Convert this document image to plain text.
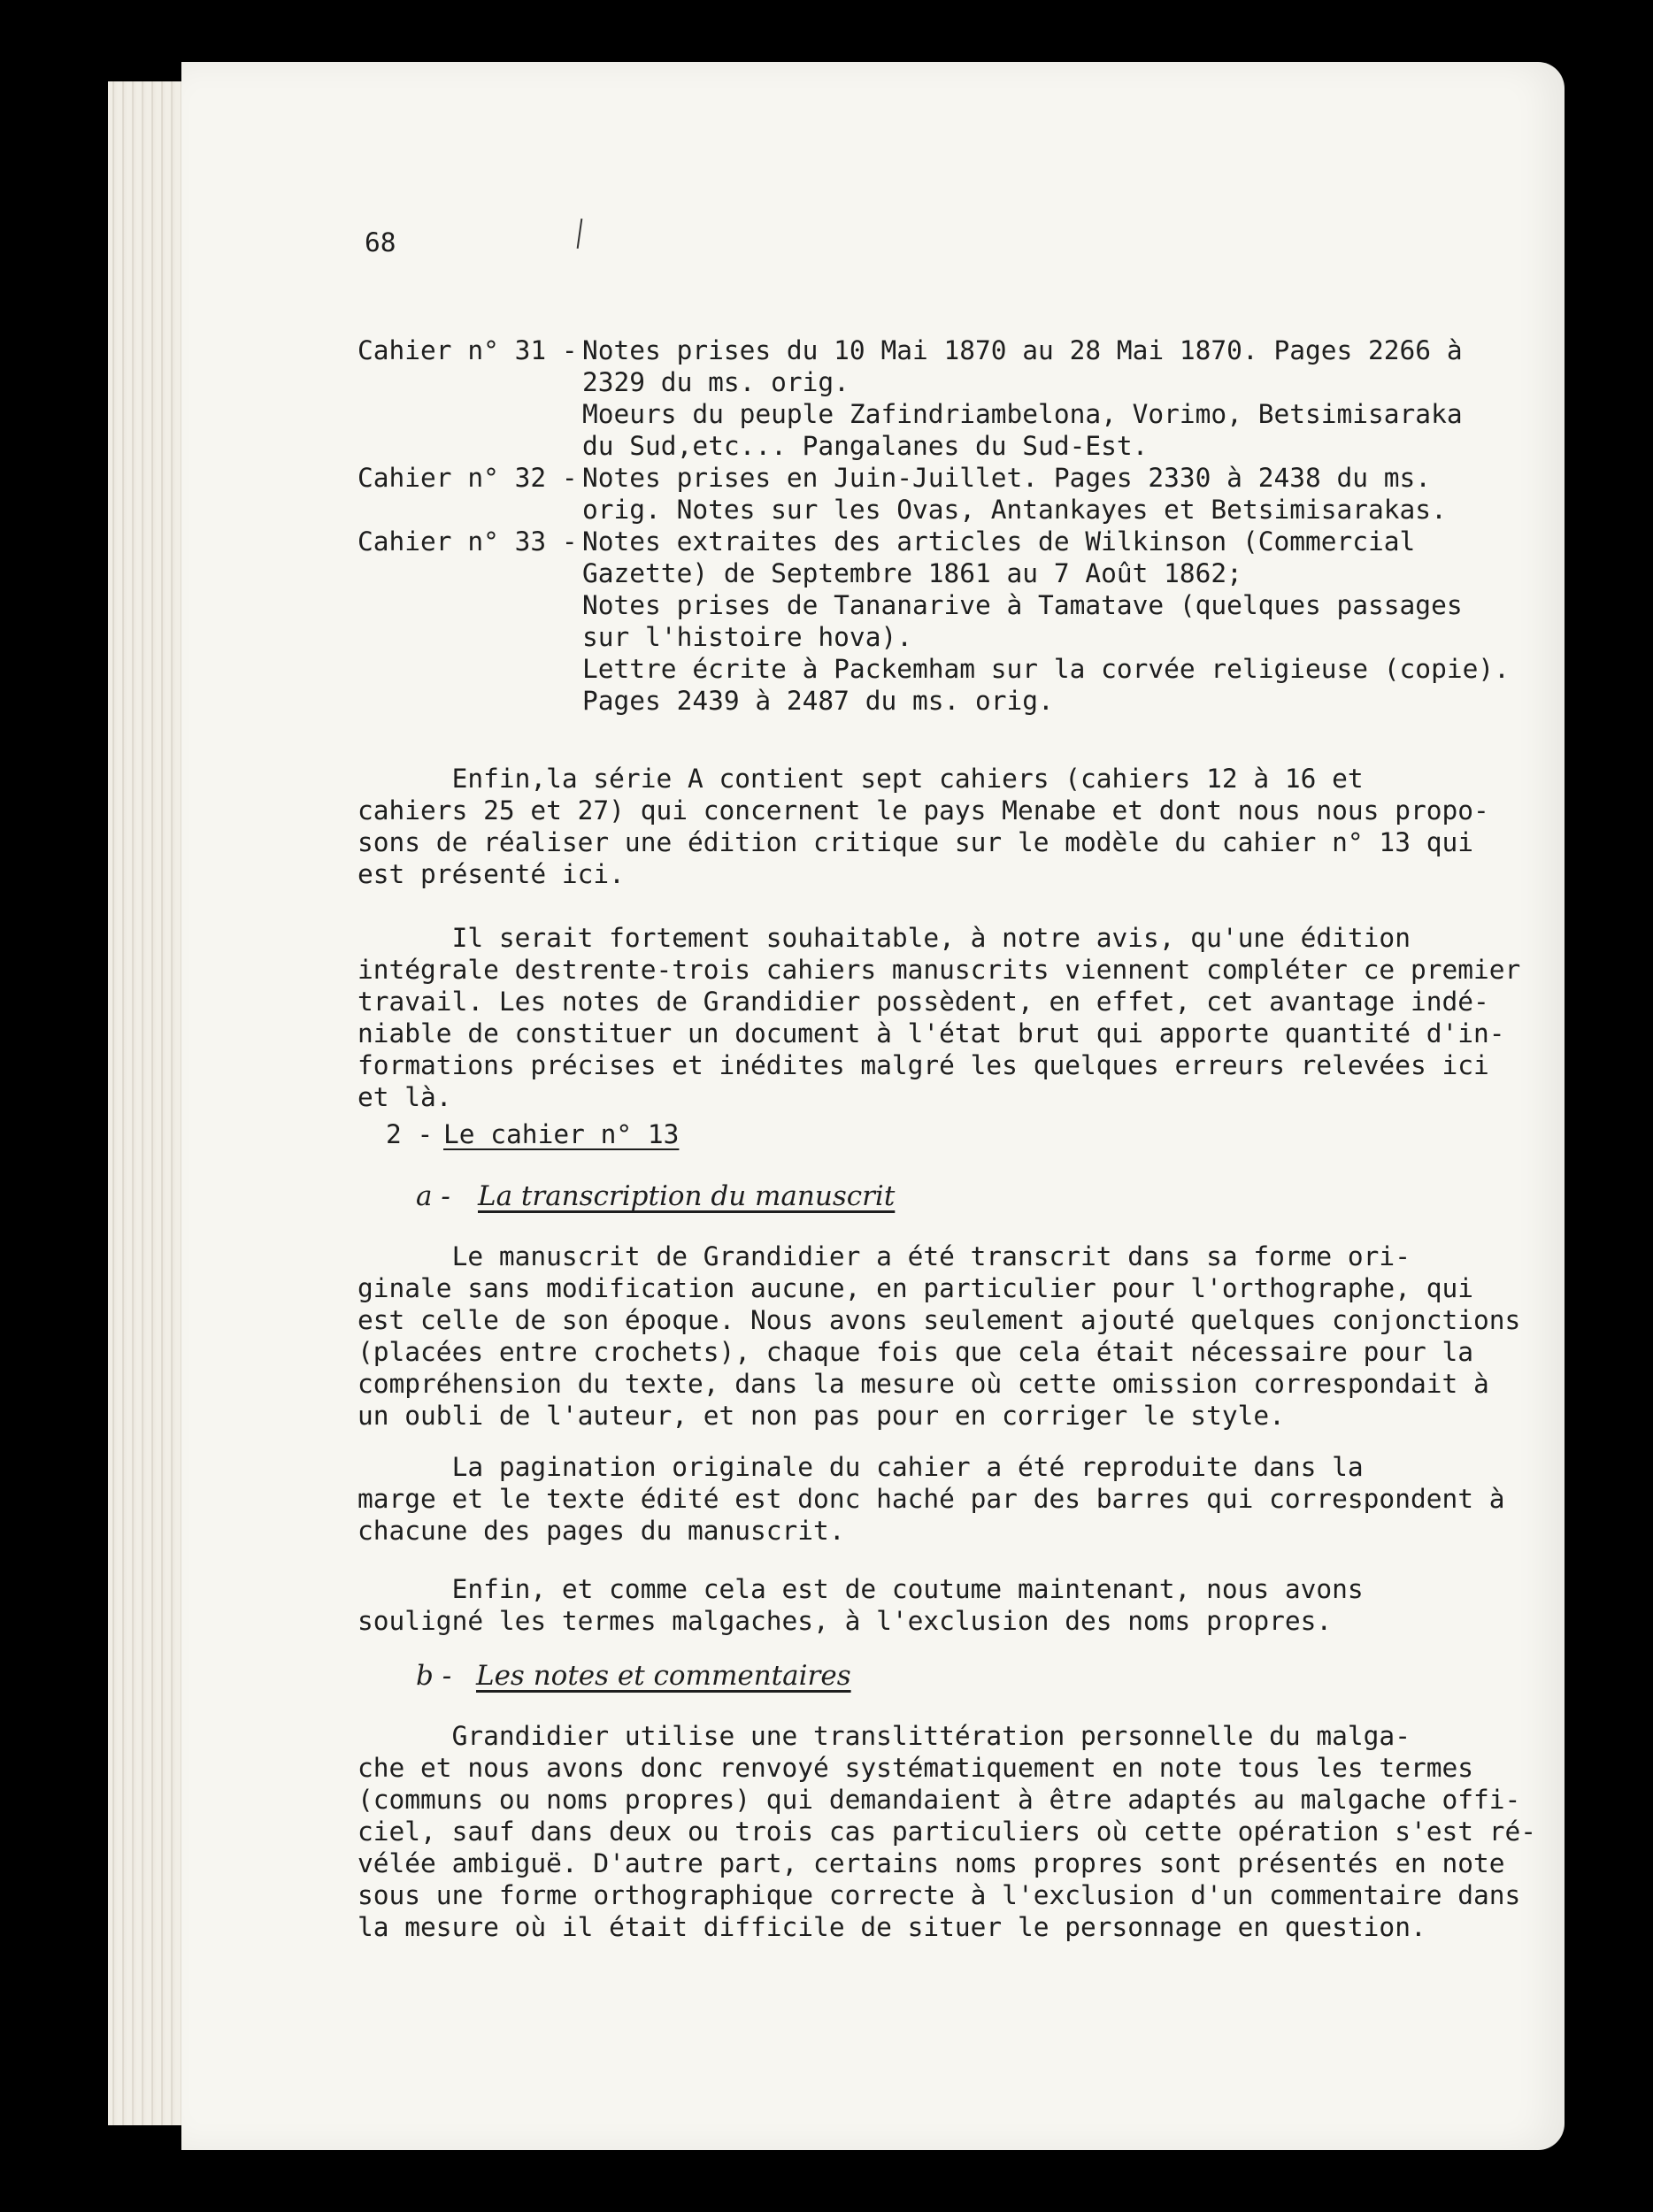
68
Cahier n° 31 -
Notes prises du 10 Mai 1870 au 28 Mai 1870. Pages 2266 à
2329 du ms. orig.
Moeurs du peuple Zafindriambelona, Vorimo, Betsimisaraka
du Sud,etc... Pangalanes du Sud-Est.
Cahier n° 32 -
Notes prises en Juin-Juillet. Pages 2330 à 2438 du ms.
orig. Notes sur les Ovas, Antankayes et Betsimisarakas.
Cahier n° 33 -
Notes extraites des articles de Wilkinson (Commercial
Gazette) de Septembre 1861 au 7 Août 1862;
Notes prises de Tananarive à Tamatave (quelques passages
sur l'histoire hova).
Lettre écrite à Packemham sur la corvée religieuse (copie).
Pages 2439 à 2487 du ms. orig.
Enfin,la série A contient sept cahiers (cahiers 12 à 16 et
cahiers 25 et 27) qui concernent le pays Menabe et dont nous nous propo-
sons de réaliser une édition critique sur le modèle du cahier n° 13 qui
est présenté ici.
Il serait fortement souhaitable, à notre avis, qu'une édition
intégrale destrente-trois cahiers manuscrits viennent compléter ce premier
travail. Les notes de Grandidier possèdent, en effet, cet avantage indé-
niable de constituer un document à l'état brut qui apporte quantité d'in-
formations précises et inédites malgré les quelques erreurs relevées ici
et là.
2 -
Le cahier n° 13
a - La transcription du manuscrit
Le manuscrit de Grandidier a été transcrit dans sa forme ori-
ginale sans modification aucune, en particulier pour l'orthographe, qui
est celle de son époque. Nous avons seulement ajouté quelques conjonctions
(placées entre crochets), chaque fois que cela était nécessaire pour la
compréhension du texte, dans la mesure où cette omission correspondait à
un oubli de l'auteur, et non pas pour en corriger le style.
La pagination originale du cahier a été reproduite dans la
marge et le texte édité est donc haché par des barres qui correspondent à
chacune des pages du manuscrit.
Enfin, et comme cela est de coutume maintenant, nous avons
souligné les termes malgaches, à l'exclusion des noms propres.
b - Les notes et commentaires
Grandidier utilise une translittération personnelle du malga-
che et nous avons donc renvoyé systématiquement en note tous les termes
(communs ou noms propres) qui demandaient à être adaptés au malgache offi-
ciel, sauf dans deux ou trois cas particuliers où cette opération s'est ré-
vélée ambiguë. D'autre part, certains noms propres sont présentés en note
sous une forme orthographique correcte à l'exclusion d'un commentaire dans
la mesure où il était difficile de situer le personnage en question.
